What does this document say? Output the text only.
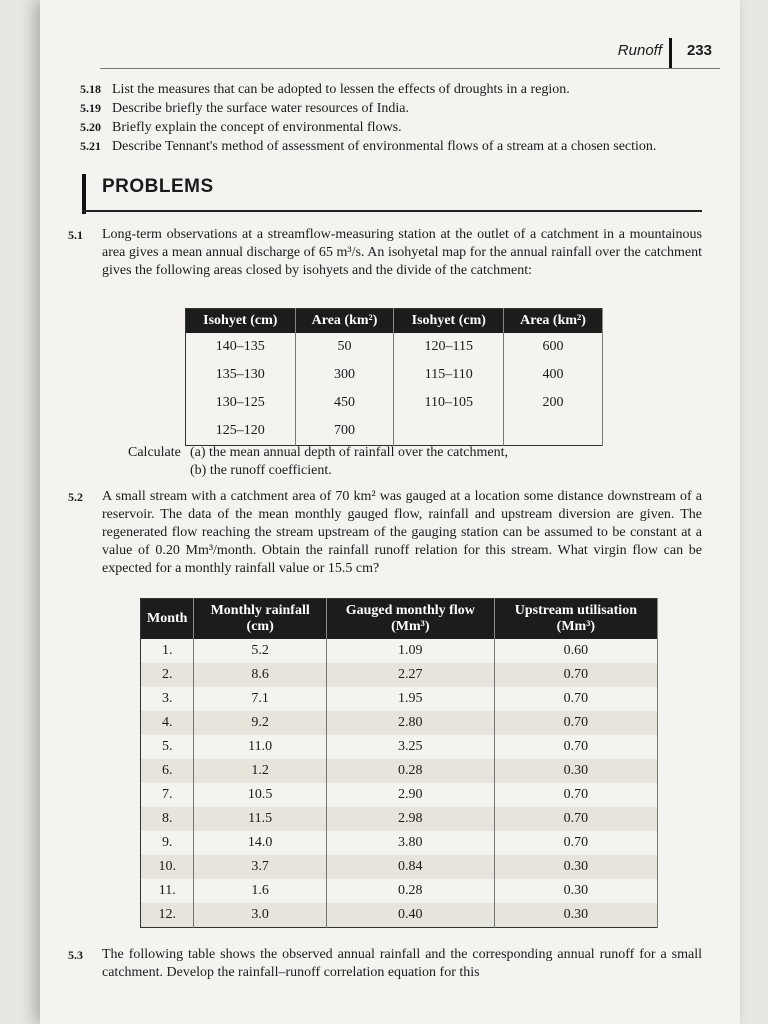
Runoff 233
5.18 List the measures that can be adopted to lessen the effects of droughts in a region.
5.19 Describe briefly the surface water resources of India.
5.20 Briefly explain the concept of environmental flows.
5.21 Describe Tennant's method of assessment of environmental flows of a stream at a chosen section.
PROBLEMS
5.1 Long-term observations at a streamflow-measuring station at the outlet of a catchment in a mountainous area gives a mean annual discharge of 65 m³/s. An isohyetal map for the annual rainfall over the catchment gives the following areas closed by isohyets and the divide of the catchment:
Isohyet (cm)	Area (km²)	Isohyet (cm)	Area (km²)
140–135	50	120–115	600
135–130	300	115–110	400
130–125	450	110–105	200
125–120	700		
Calculate (a) the mean annual depth of rainfall over the catchment,
(b) the runoff coefficient.
5.2 A small stream with a catchment area of 70 km² was gauged at a location some distance downstream of a reservoir. The data of the mean monthly gauged flow, rainfall and upstream diversion are given. The regenerated flow reaching the stream upstream of the gauging station can be assumed to be constant at a value of 0.20 Mm³/month. Obtain the rainfall runoff relation for this stream. What virgin flow can be expected for a monthly rainfall value or 15.5 cm?
Month	Monthly rainfall (cm)	Gauged monthly flow (Mm³)	Upstream utilisation (Mm³)
1.	5.2	1.09	0.60
2.	8.6	2.27	0.70
3.	7.1	1.95	0.70
4.	9.2	2.80	0.70
5.	11.0	3.25	0.70
6.	1.2	0.28	0.30
7.	10.5	2.90	0.70
8.	11.5	2.98	0.70
9.	14.0	3.80	0.70
10.	3.7	0.84	0.30
11.	1.6	0.28	0.30
12.	3.0	0.40	0.30
5.3 The following table shows the observed annual rainfall and the corresponding annual runoff for a small catchment. Develop the rainfall–runoff correlation equation for this
